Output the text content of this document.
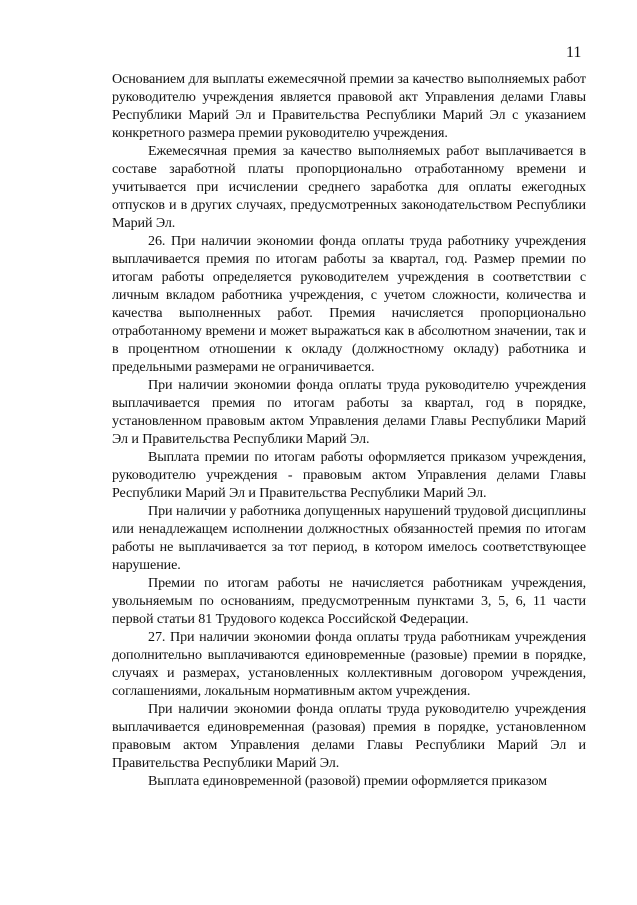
11

Основанием для выплаты ежемесячной премии за качество выполняемых работ руководителю учреждения является правовой акт Управления делами Главы Республики Марий Эл и Правительства Республики Марий Эл с указанием конкретного размера премии руководителю учреждения.

Ежемесячная премия за качество выполняемых работ выплачивается в составе заработной платы пропорционально отработанному времени и учитывается при исчислении среднего заработка для оплаты ежегодных отпусков и в других случаях, предусмотренных законодательством Республики Марий Эл.

26. При наличии экономии фонда оплаты труда работнику учреждения выплачивается премия по итогам работы за квартал, год. Размер премии по итогам работы определяется руководителем учреждения в соответствии с личным вкладом работника учреждения, с учетом сложности, количества и качества выполненных работ. Премия начисляется пропорционально отработанному времени и может выражаться как в абсолютном значении, так и в процентном отношении к окладу (должностному окладу) работника и предельными размерами не ограничивается.

При наличии экономии фонда оплаты труда руководителю учреждения выплачивается премия по итогам работы за квартал, год в порядке, установленном правовым актом Управления делами Главы Республики Марий Эл и Правительства Республики Марий Эл.

Выплата премии по итогам работы оформляется приказом учреждения, руководителю учреждения - правовым актом Управления делами Главы Республики Марий Эл и Правительства Республики Марий Эл.

При наличии у работника допущенных нарушений трудовой дисциплины или ненадлежащем исполнении должностных обязанностей премия по итогам работы не выплачивается за тот период, в котором имелось соответствующее нарушение.

Премии по итогам работы не начисляется работникам учреждения, увольняемым по основаниям, предусмотренным пунктами 3, 5, 6, 11 части первой статьи 81 Трудового кодекса Российской Федерации.

27. При наличии экономии фонда оплаты труда работникам учреждения дополнительно выплачиваются единовременные (разовые) премии в порядке, случаях и размерах, установленных коллективным договором учреждения, соглашениями, локальным нормативным актом учреждения.

При наличии экономии фонда оплаты труда руководителю учреждения выплачивается единовременная (разовая) премия в порядке, установленном правовым актом Управления делами Главы Республики Марий Эл и Правительства Республики Марий Эл.

Выплата единовременной (разовой) премии оформляется приказом
